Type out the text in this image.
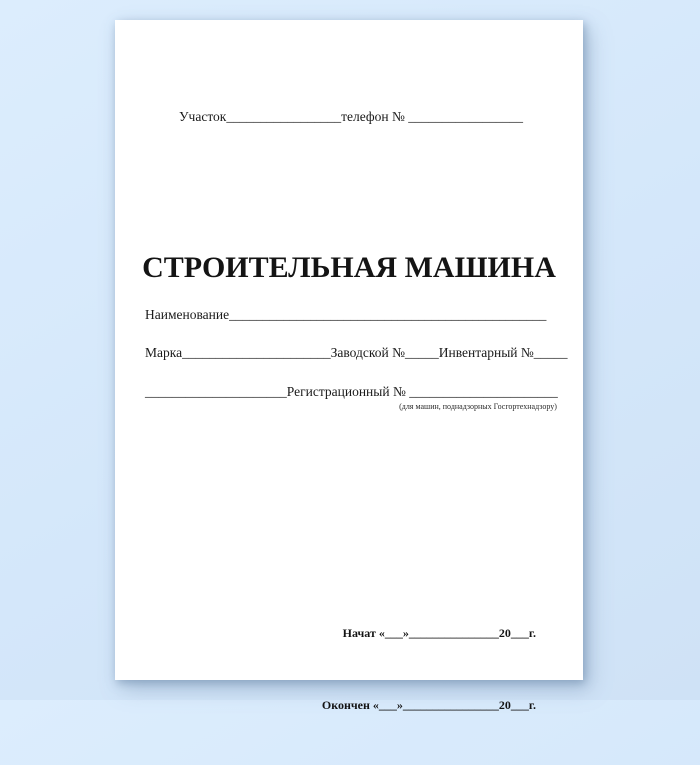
Участок_________________телефон № _________________
СТРОИТЕЛЬНАЯ МАШИНА
Наименование_______________________________________________
Марка______________________Заводской №_____Инвентарный №_____
_____________________Регистрационный № ______________________
(для машин, поднадзорных Госгортехнадзору)

Начат «___»_______________20___г.

Окончен «___»________________20___г.
